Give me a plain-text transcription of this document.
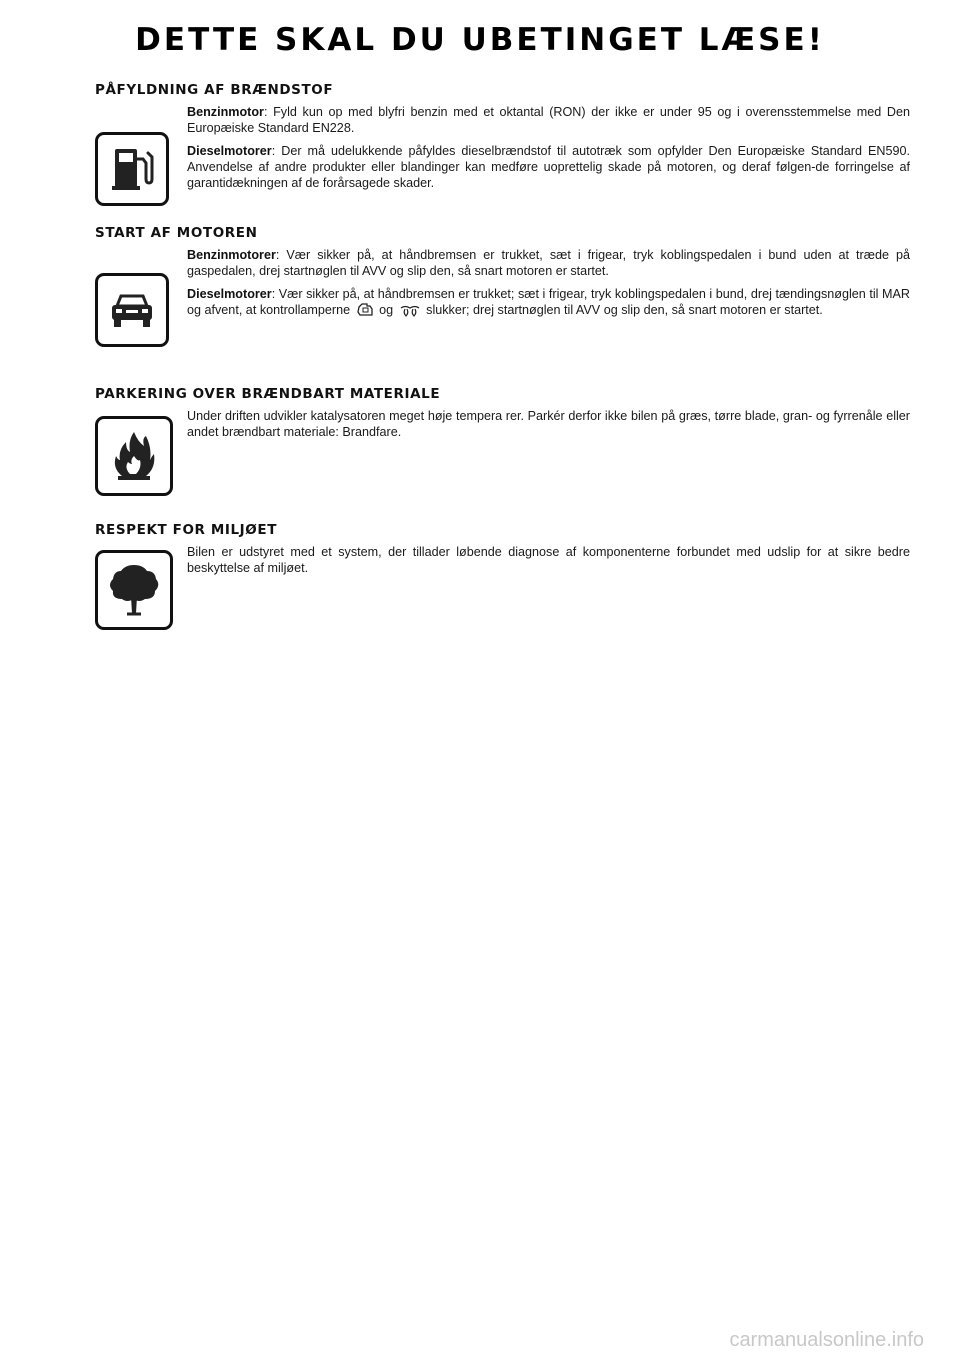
DETTE SKAL DU UBETINGET LÆSE!
PÅFYLDNING AF BRÆNDSTOF

Benzinmotor: Fyld kun op med blyfri benzin med et oktantal (RON) der ikke er under 95 og i overensstemmelse med Den Europæiske Standard EN228.

Dieselmotorer: Der må udelukkende påfyldes dieselbrændstof til autotræk som opfylder Den Europæiske Standard EN590. Anvendelse af andre produkter eller blandinger kan medføre uoprettelig skade på motoren, og deraf følgen-de forringelse af garantidækningen af de forårsagede skader.

START AF MOTOREN

Benzinmotorer: Vær sikker på, at håndbremsen er trukket, sæt i frigear, tryk koblingspedalen i bund uden at træde på gaspedalen, drej startnøglen til AVV og slip den, så snart motoren er startet.

Dieselmotorer: Vær sikker på, at håndbremsen er trukket; sæt i frigear, tryk koblingspedalen i bund, drej tændingsnøglen til MAR og afvent, at kontrollamperne og	slukker; drej startnøglen til AVV og slip den, så snart motoren er startet.

PARKERING OVER BRÆNDBART MATERIALE

Under driften udvikler katalysatoren meget høje tempera rer. Parkér derfor ikke bilen på græs, tørre blade, gran- og fyrrenåle eller andet brændbart materiale: Brandfare.

RESPEKT FOR MILJØET

Bilen er udstyret med et system, der tillader løbende diagnose af komponenterne forbundet med udslip for at sikre bedre beskyttelse af miljøet.

carmanualsonline.info
